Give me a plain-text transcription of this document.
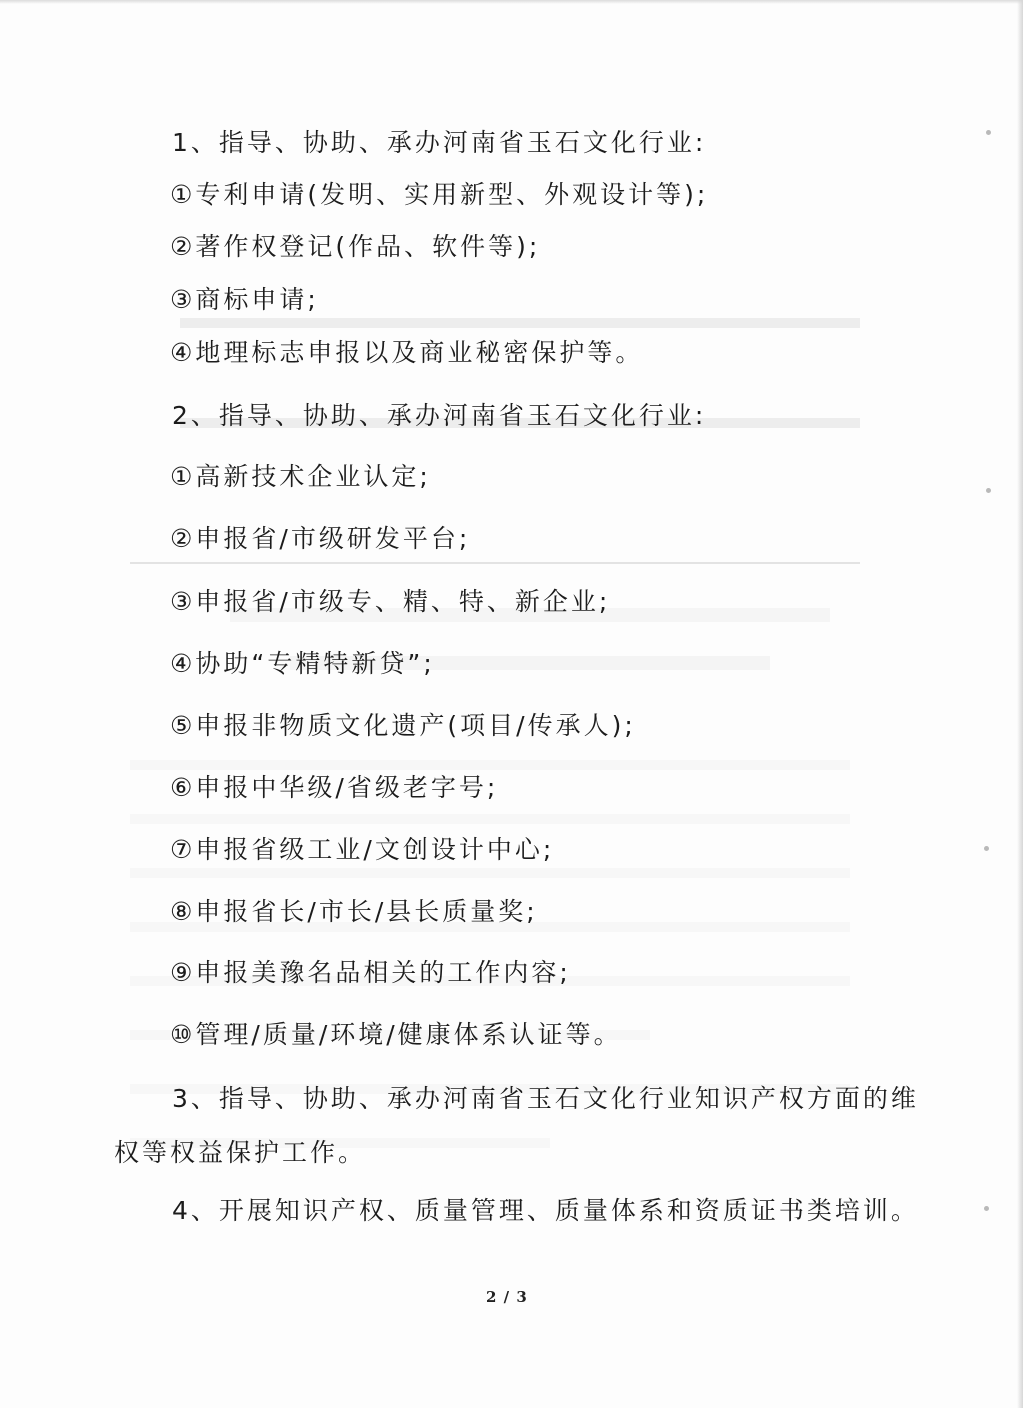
1、指导、协助、承办河南省玉石文化行业:
①专利申请(发明、实用新型、外观设计等);
②著作权登记(作品、软件等);
③商标申请;
④地理标志申报以及商业秘密保护等。
2、指导、协助、承办河南省玉石文化行业:
①高新技术企业认定;
②申报省/市级研发平台;
③申报省/市级专、精、特、新企业;
④协助“专精特新贷”;
⑤申报非物质文化遗产(项目/传承人);
⑥申报中华级/省级老字号;
⑦申报省级工业/文创设计中心;
⑧申报省长/市长/县长质量奖;
⑨申报美豫名品相关的工作内容;
⑩管理/质量/环境/健康体系认证等。
3、指导、协助、承办河南省玉石文化行业知识产权方面的维
权等权益保护工作。
4、开展知识产权、质量管理、质量体系和资质证书类培训。
2 / 3
